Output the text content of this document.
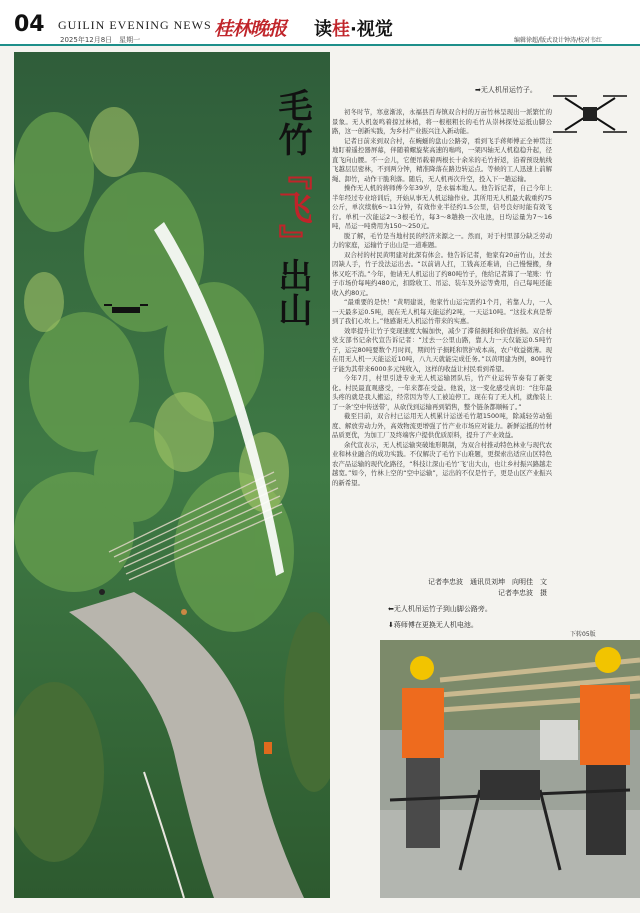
04 GUILIN EVENING NEWS
2025年12月8日　星期一	桂林晚报 读桂·视觉
编辑徐超/版式设计钟涛/校对韦红
毛竹『飞』出山
➡无人机吊运竹子。

初冬时节，寒意渐浓，永福县百寿镇双合村的万亩竹林呈现出一派繁忙的景象。无人机轰鸣着掠过林梢，将一根根粗长的毛竹从崇林探处运抵山脚公路，这一创新实践，为乡村产业振兴注入新动能。

记者日前来到双合村，在蜿蜒的盘山公路旁，看到飞手蒋师傅正全神贯注地盯着遥控器屏幕，伴随着螺旋桨高速的嗡鸣，一架四轴无人机稳稳升起，径直飞向山腰。不一会儿，它便吊载着两根长十余米的毛竹折返，沿着预设航线飞越层层密林，不到两分钟，精准降落在路边转运点。等候的工人迅速上前解绳、卸竹，动作干脆利落。随后，无人机再次升空，投入下一趟运输。

操作无人机的蒋师傅今年39岁，是永福本地人。他告诉记者，自己今年上半年经过专业培训后，开始从事无人机运输作业。其所用无人机最大载重约75公斤，单次续航6～11分钟，有效作业半径约1.5公里，信号良好时能有效飞行。单机一次能运2～3根毛竹，每3～8趟换一次电池，日均运量为7～16吨，吊运一吨费用为150～250元。

脱了解，毛竹是当地村民的经济来源之一。然而，对于村里部分缺乏劳动力的家庭，运输竹子出山是一道难题。

双合村的村民黄明建对此深有体会。他告诉记者，他家有20亩竹山，过去因缺人手，竹子没法运出去。“以前请人扛，工钱高还难请，自己慢慢搬，身体又吃不消。”今年，他请无人机运出了约80吨竹子，他给记者算了一笔账：竹子市场价每吨约480元，扣除收工、吊运、装车及外运等费用，自己每吨还能收入约80元。

“最重要的是快！”黄明建说，他家竹山运完需约1个月，若靠人力，一人一天最多运0.5吨，现在无人机每天能运约2吨，一天运10吨。“这技术真是帮到了我们心坎上。”他感谢无人机运竹带来的实惠。

效率提升让竹子变现速度大幅加快，减少了滞留损耗和价值折损。双合村党支部书记余代宣告诉记者：“过去一公里山路，靠人力一天仅能运0.5吨竹子，运完80吨要数个月时间，期间竹子损耗和管护成本高，农户收益微薄。现在用无人机一天能运近10吨，八九天就能完成任务。”以黄明建为例，80吨竹子能为其带来6000多元纯收入，这样的收益让村民看到希望。

今年7月，村里引进专业无人机运输团队后，竹产业运转节奏有了新变化。村民最直观感受，一年来都在受益。他说，这一变化感受真切：“往年最头疼的就是我人搬运，经常因为等人工被迫停工。现在有了无人机，就像装上了一条‘空中传送带’，从砍伐到运输再到销售，整个链条都顺畅了。”

截至目前，双合村已运用无人机累计运送毛竹超1500吨，除减轻劳动强度、解放劳动力外，高效物流更增强了竹产业市场应对能力。新鲜运抵的竹材品质更优，为加工厂及终端客户提供优质原料，提升了产业效益。

余代宣表示，无人机运输突破地形限制，为双合村推动特色林业与现代农业和林业融合的成功实践。不仅解决了毛竹下山难题，更探索出适应山区特色农产品运输的现代化路径，“科技让深山毛竹‘飞’出大山，也让乡村振兴路越走越宽。”如今，竹林上空的“空中运输”，运出的不仅是竹子，更是山区产业振兴的新希望。

记者李忠波　通讯员刘坤　向明佳　文
记者李忠波　摄
⬅无人机吊运竹子到山脚公路旁。
⬇蒋师傅在更换无人机电池。
下转05版
